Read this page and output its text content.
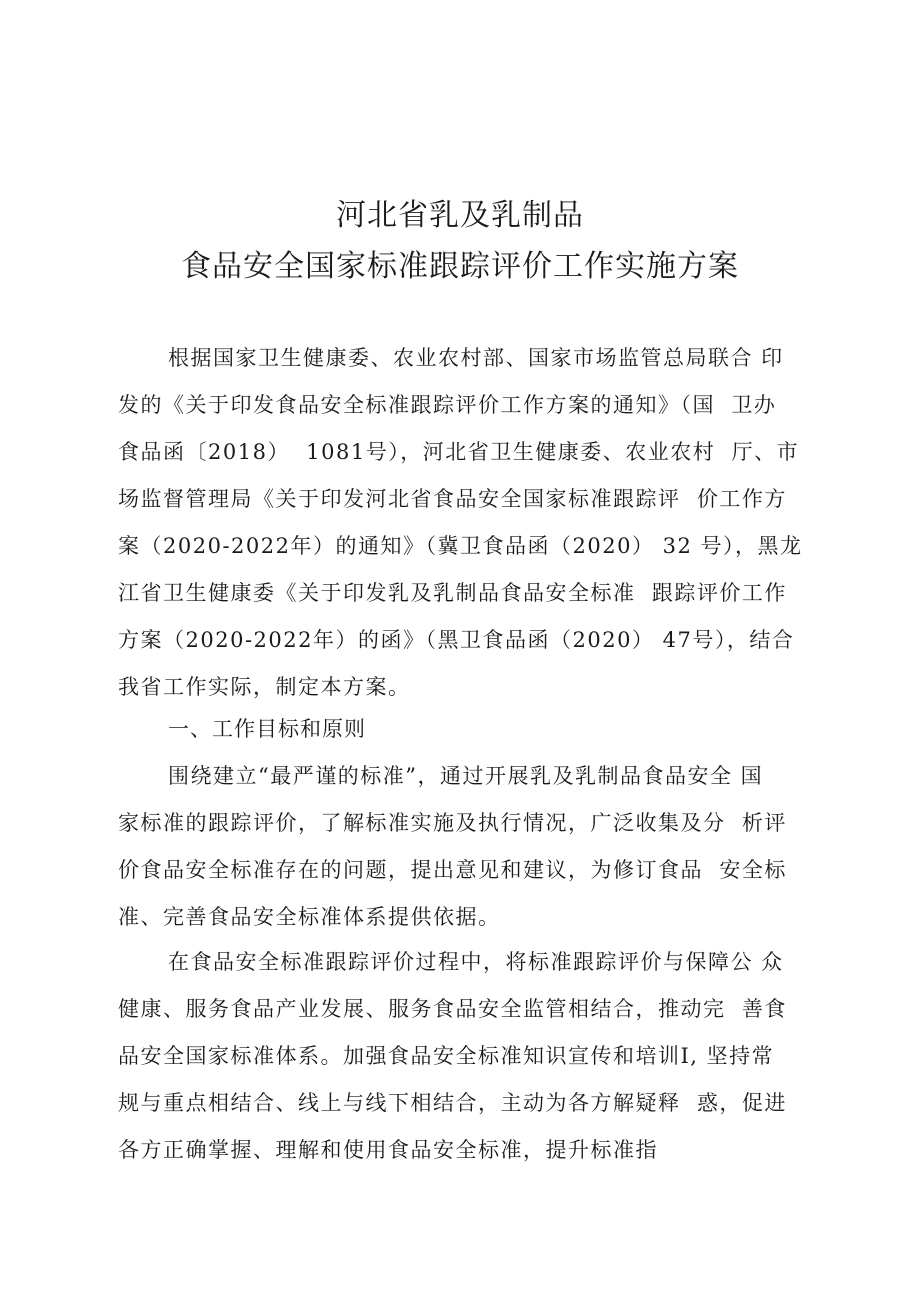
河北省乳及乳制品
食品安全国家标准跟踪评价工作实施方案
根据国家卫生健康委、农业农村部、国家市场监管总局联合 印
发的《关于印发食品安全标准跟踪评价工作方案的通知》（国  卫办
食品函〔2018）  1081号），河北省卫生健康委、农业农村  厅、市
场监督管理局《关于印发河北省食品安全国家标准跟踪评  价工作方
案（2020-2022年）的通知》（冀卫食品函（2020） 32 号），黑龙
江省卫生健康委《关于印发乳及乳制品食品安全标准  跟踪评价工作
方案（2020-2022年）的函》（黑卫食品函（2020） 47号），结合
我省工作实际，制定本方案。
一、工作目标和原则
围绕建立“最严谨的标准”，通过开展乳及乳制品食品安全 国
家标准的跟踪评价，了解标准实施及执行情况，广泛收集及分  析评
价食品安全标准存在的问题，提出意见和建议，为修订食品  安全标
准、完善食品安全标准体系提供依据。
在食品安全标准跟踪评价过程中，将标准跟踪评价与保障公 众
健康、服务食品产业发展、服务食品安全监管相结合，推动完  善食
品安全国家标准体系。加强食品安全标准知识宣传和培训I, 坚持常
规与重点相结合、线上与线下相结合，主动为各方解疑释  惑，促进
各方正确掌握、理解和使用食品安全标准，提升标准指
